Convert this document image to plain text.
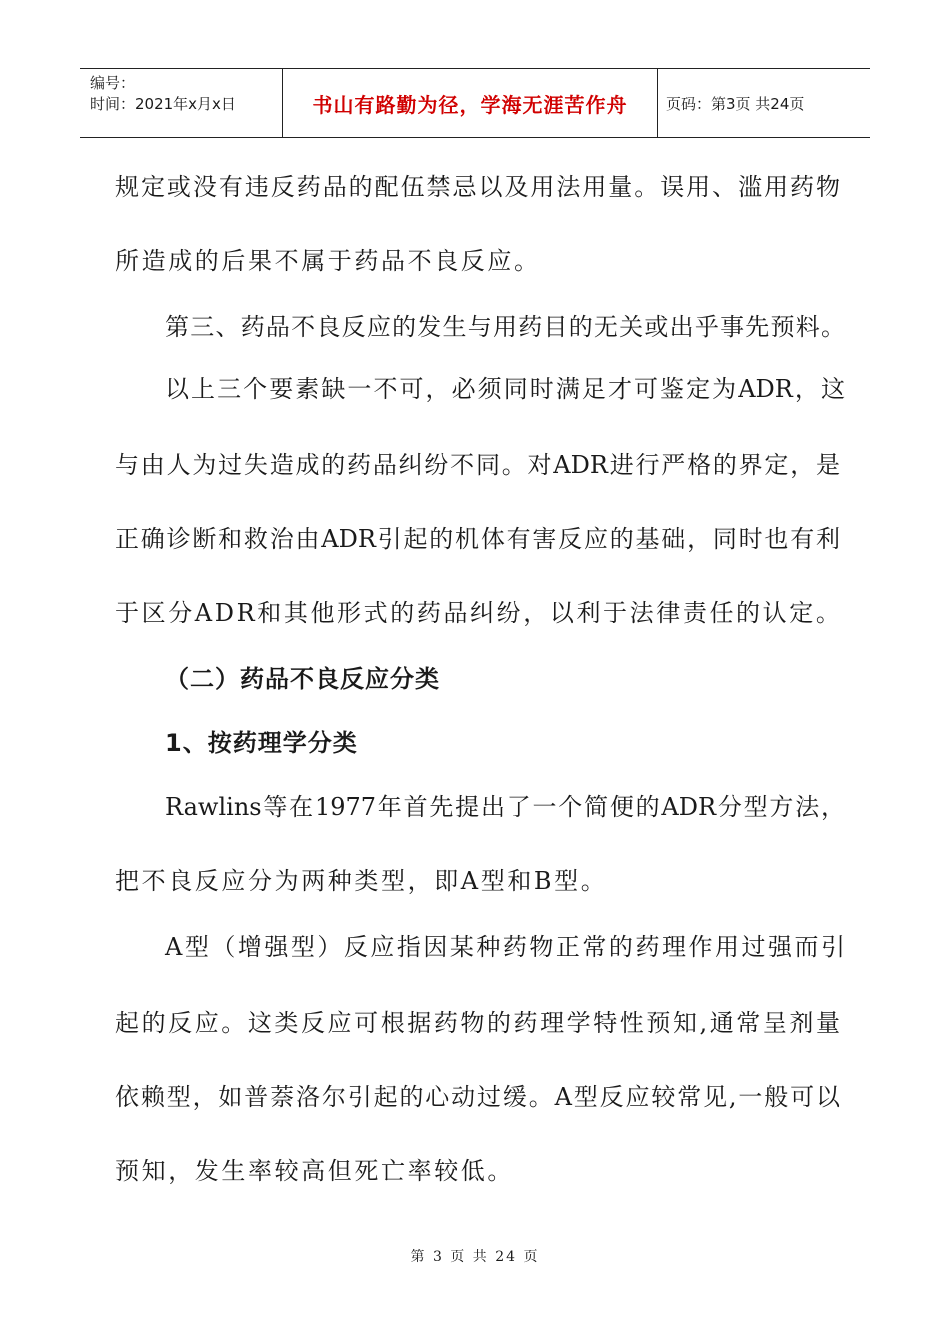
编号：
时间：2021年x月x日	书山有路勤为径，学海无涯苦作舟	页码：第3页 共24页
规定或没有违反药品的配伍禁忌以及用法用量。误用、滥用药物
所造成的后果不属于药品不良反应。
第三、药品不良反应的发生与用药目的无关或出乎事先预料。
以上三个要素缺一不可，必须同时满足才可鉴定为ADR，这
与由人为过失造成的药品纠纷不同。对ADR进行严格的界定，是
正确诊断和救治由ADR引起的机体有害反应的基础，同时也有利
于区分ADR和其他形式的药品纠纷，以利于法律责任的认定。
（二）药品不良反应分类
1、按药理学分类
Rawlins等在1977年首先提出了一个简便的ADR分型方法，
把不良反应分为两种类型，即A型和B型。
A型（增强型）反应指因某种药物正常的药理作用过强而引
起的反应。这类反应可根据药物的药理学特性预知,通常呈剂量
依赖型，如普萘洛尔引起的心动过缓。A型反应较常见,一般可以
预知，发生率较高但死亡率较低。
第 3 页 共 24 页
